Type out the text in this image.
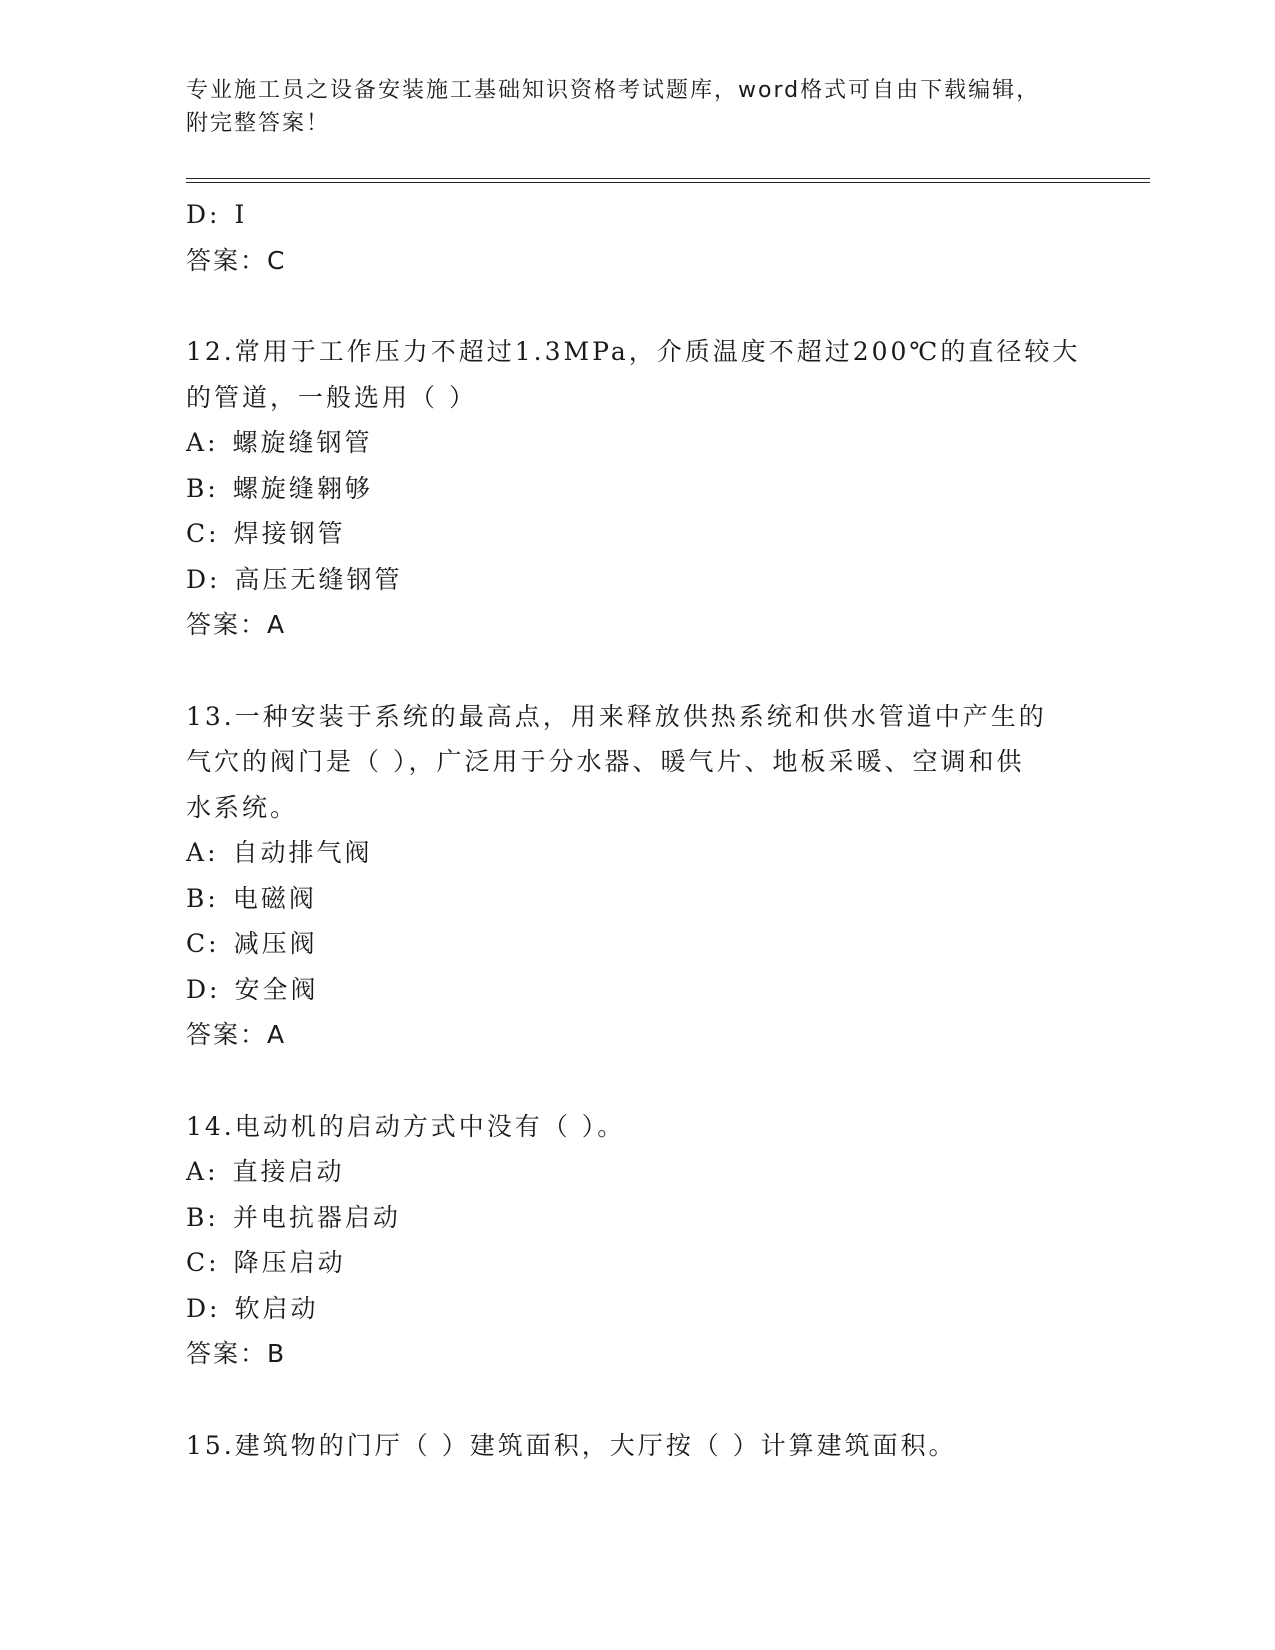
专业施工员之设备安装施工基础知识资格考试题库，word格式可自由下载编辑，
附完整答案！
D: I
答案：C
12.常用于工作压力不超过1.3MPa，介质温度不超过200℃的直径较大
的管道，一般选用（ ）
A: 螺旋缝钢管
B: 螺旋缝翱够
C: 焊接钢管
D: 高压无缝钢管
答案：A
13.一种安装于系统的最高点，用来释放供热系统和供水管道中产生的
气穴的阀门是（ ），广泛用于分水器、暖气片、地板采暖、空调和供
水系统。
A: 自动排气阀
B: 电磁阀
C: 减压阀
D: 安全阀
答案：A
14.电动机的启动方式中没有（ ）。
A: 直接启动
B: 并电抗器启动
C: 降压启动
D: 软启动
答案：B
15.建筑物的门厅（ ）建筑面积，大厅按（ ）计算建筑面积。
